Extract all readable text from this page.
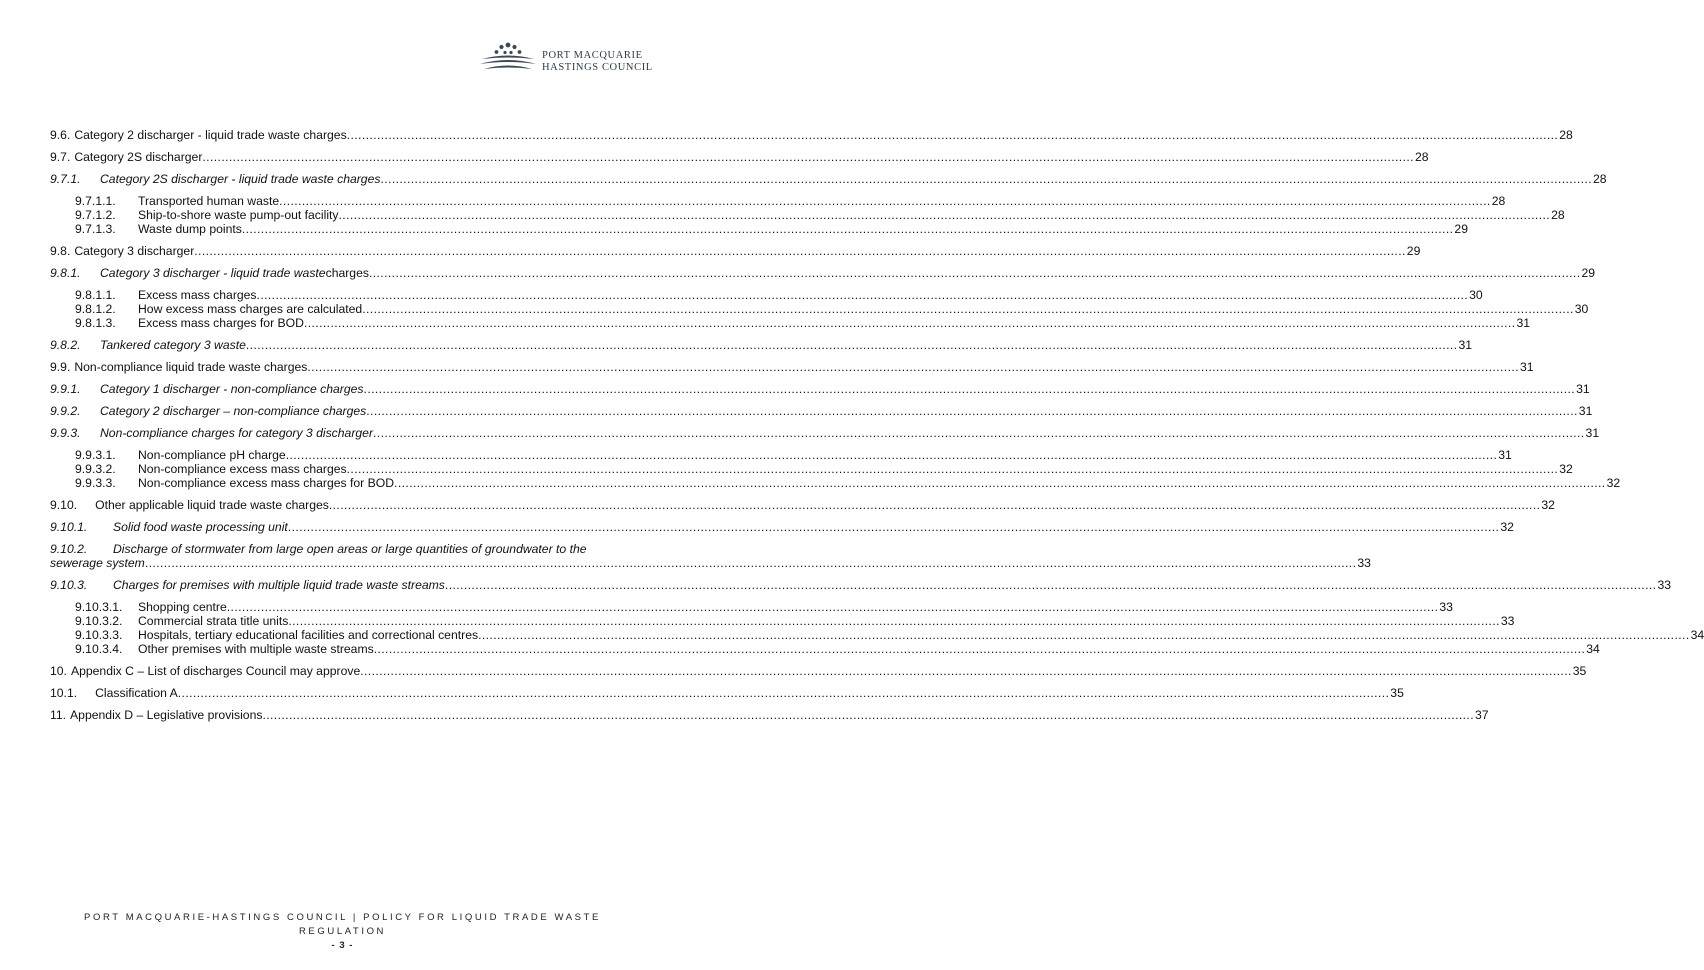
PORT MACQUARIE
HASTINGS COUNCIL
9.6. Category 2 discharger - liquid trade waste charges .....	28
9.7. Category 2S discharger .....	28
9.7.1.	Category 2S discharger - liquid trade waste charges .....	28
9.7.1.1.	Transported human waste .....	28
9.7.1.2.	Ship-to-shore waste pump-out facility .....	28
9.7.1.3.	Waste dump points .....	29
9.8. Category 3 discharger .....	29
9.8.1.	Category 3 discharger - liquid trade waste charges .....	29
9.8.1.1.	Excess mass charges .....	30
9.8.1.2.	How excess mass charges are calculated .....	30
9.8.1.3.	Excess mass charges for BOD .....	31
9.8.2.	Tankered category 3 waste .....	31
9.9. Non-compliance liquid trade waste charges .....	31
9.9.1.	Category 1 discharger - non-compliance charges .....	31
9.9.2.	Category 2 discharger – non-compliance charges .....	31
9.9.3.	Non-compliance charges for category 3 discharger .....	31
9.9.3.1.	Non-compliance pH charge .....	31
9.9.3.2.	Non-compliance excess mass charges .....	32
9.9.3.3.	Non-compliance excess mass charges for BOD .....	32
9.10. Other applicable liquid trade waste charges .....	32
9.10.1.	Solid food waste processing unit .....	32
9.10.2. Discharge of stormwater from large open areas or large quantities of groundwater to the
sewerage system .....	33
9.10.3.	Charges for premises with multiple liquid trade waste streams .....	33
9.10.3.1.	Shopping centre .....	33
9.10.3.2.	Commercial strata title units .....	33
9.10.3.3.	Hospitals, tertiary educational facilities and correctional centres .....	34
9.10.3.4.	Other premises with multiple waste streams .....	34
10. Appendix C – List of discharges Council may approve .....	35
10.1. Classification A .....	35
11. Appendix D – Legislative provisions .....	37
PORT MACQUARIE-HASTINGS COUNCIL | POLICY FOR LIQUID TRADE WASTE
REGULATION
- 3 -
